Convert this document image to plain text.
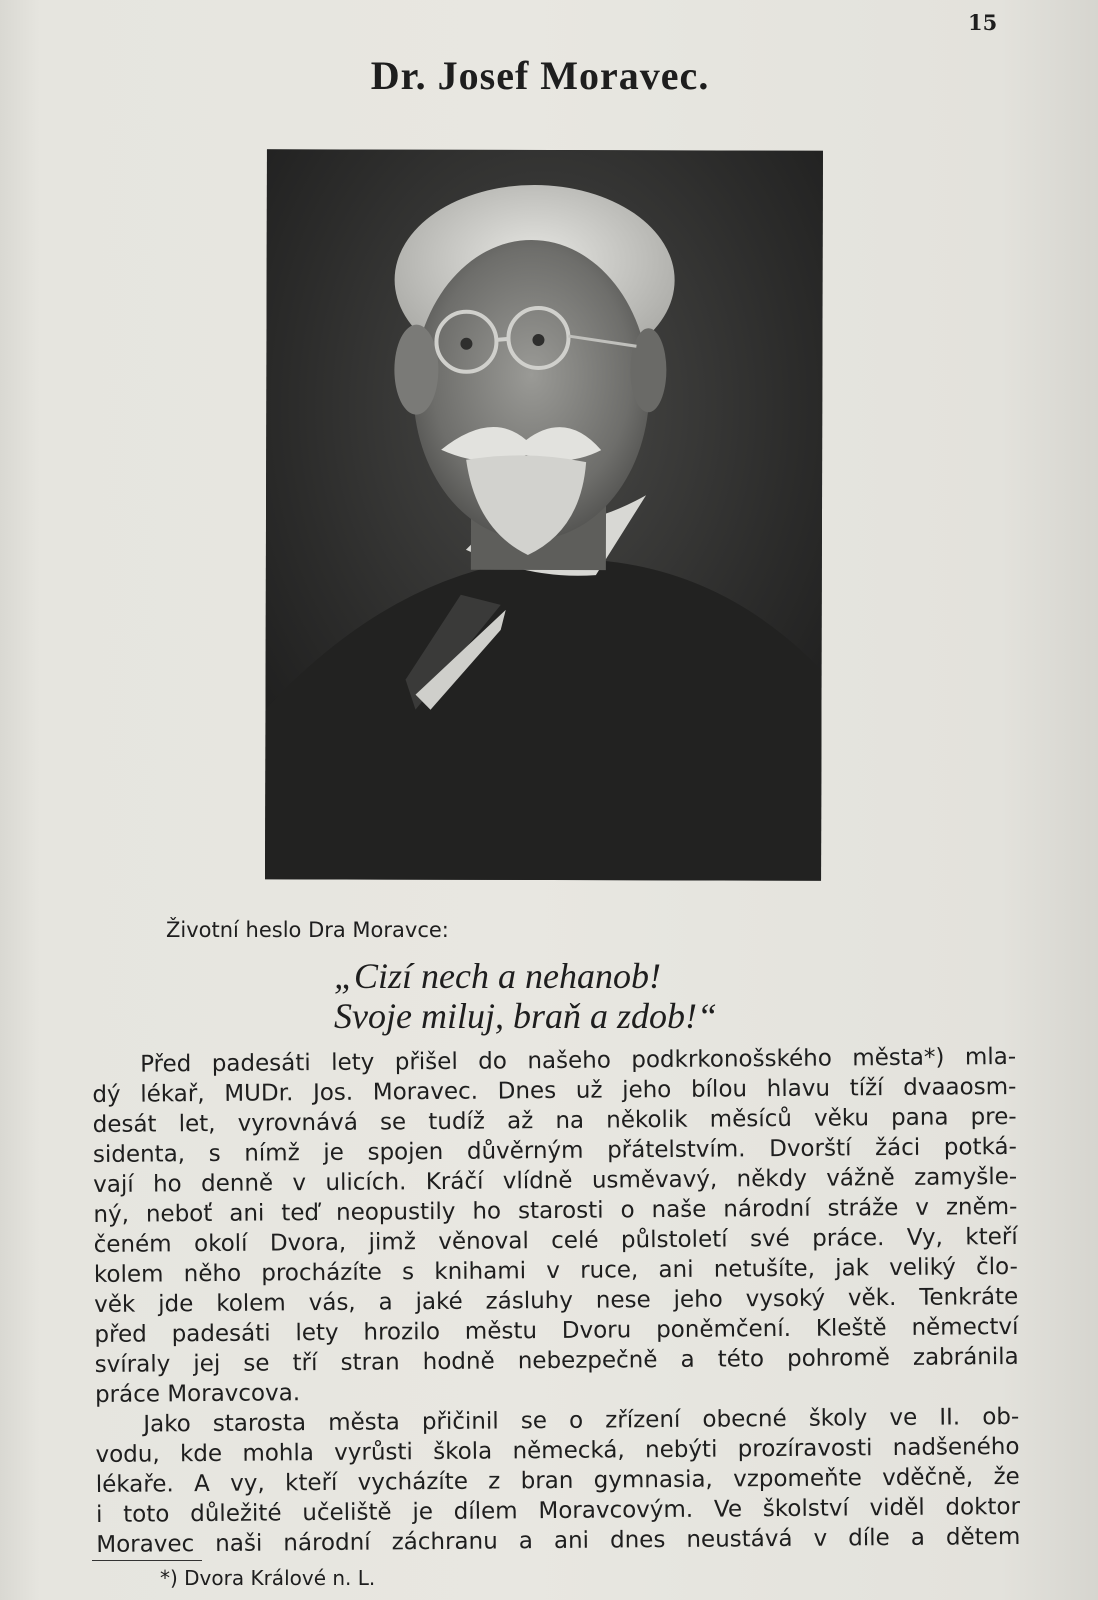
15
Dr. Josef Moravec.
Životní heslo Dra Moravce:
„Cizí nech a nehanob!
Svoje miluj, braň a zdob!“
Před padesáti lety přišel do našeho podkrkonošského města*) mla-
dý lékař, MUDr. Jos. Moravec. Dnes už jeho bílou hlavu tíží dvaaosm-
desát let, vyrovnává se tudíž až na několik měsíců věku pana pre-
sidenta, s nímž je spojen důvěrným přátelstvím. Dvorští žáci potká-
vají ho denně v ulicích. Kráčí vlídně usměvavý, někdy vážně zamyšle-
ný, neboť ani teď neopustily ho starosti o naše národní stráže v zněm-
čeném okolí Dvora, jimž věnoval celé půlstoletí své práce. Vy, kteří
kolem něho procházíte s knihami v ruce, ani netušíte, jak veliký člo-
věk jde kolem vás, a jaké zásluhy nese jeho vysoký věk. Tenkráte
před padesáti lety hrozilo městu Dvoru poněmčení. Kleště němectví
svíraly jej se tří stran hodně nebezpečně a této pohromě zabránila
práce Moravcova.
Jako starosta města přičinil se o zřízení obecné školy ve II. ob-
vodu, kde mohla vyrůsti škola německá, nebýti prozíravosti nadšeného
lékaře. A vy, kteří vycházíte z bran gymnasia, vzpomeňte vděčně, že
i toto důležité učeliště je dílem Moravcovým. Ve školství viděl doktor
Moravec naši národní záchranu a ani dnes neustává v díle a dětem
*) Dvora Králové n. L.
